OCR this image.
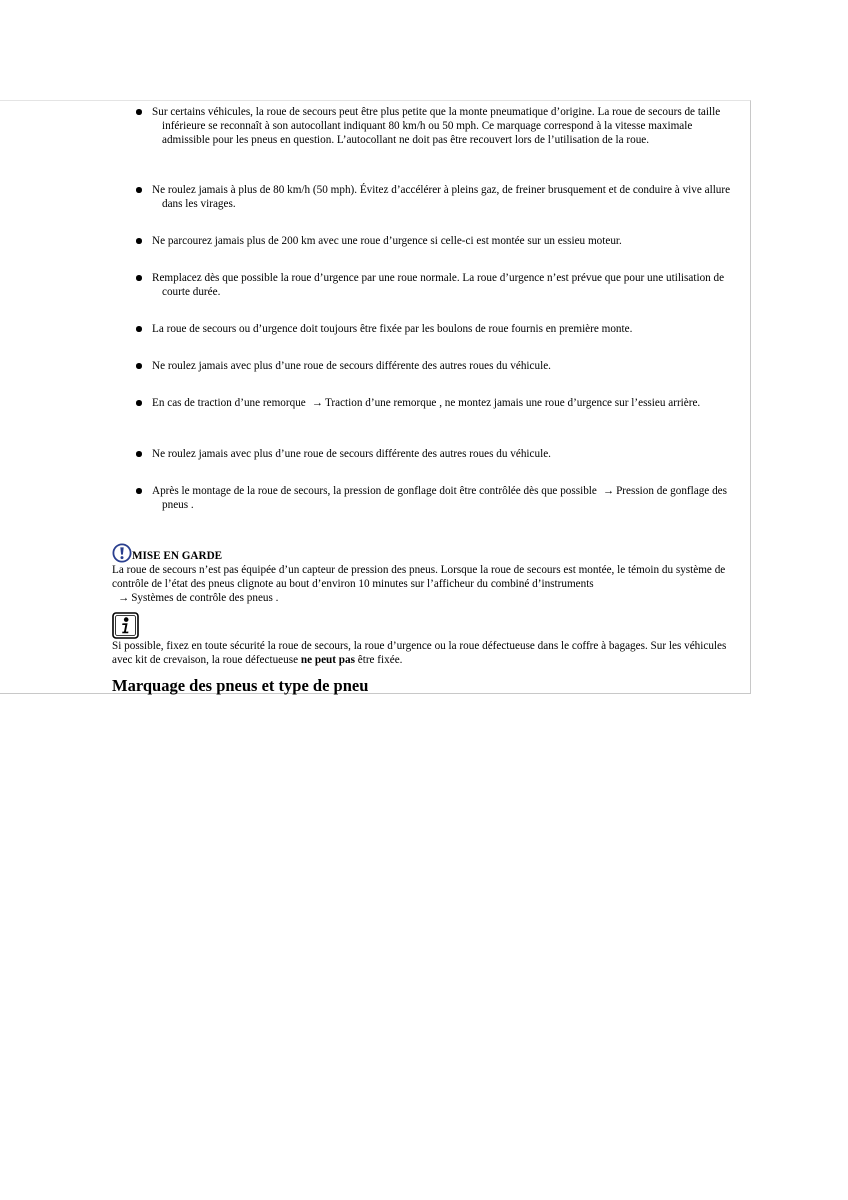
Sur certains véhicules, la roue de secours peut être plus petite que la monte pneumatique d’origine. La roue de secours de taille inférieure se reconnaît à son autocollant indiquant 80 km/h ou 50 mph. Ce marquage correspond à la vitesse maximale admissible pour les pneus en question. L’autocollant ne doit pas être recouvert lors de l’utilisation de la roue.
Ne roulez jamais à plus de 80 km/h (50 mph). Évitez d’accélérer à pleins gaz, de freiner brusquement et de conduire à vive allure dans les virages.
Ne parcourez jamais plus de 200 km avec une roue d’urgence si celle-ci est montée sur un essieu moteur.
Remplacez dès que possible la roue d’urgence par une roue normale. La roue d’urgence n’est prévue que pour une utilisation de courte durée.
La roue de secours ou d’urgence doit toujours être fixée par les boulons de roue fournis en première monte.
Ne roulez jamais avec plus d’une roue de secours différente des autres roues du véhicule.
En cas de traction d’une remorque → Traction d’une remorque , ne montez jamais une roue d’urgence sur l’essieu arrière.
Ne roulez jamais avec plus d’une roue de secours différente des autres roues du véhicule.
Après le montage de la roue de secours, la pression de gonflage doit être contrôlée dès que possible → Pression de gonflage des pneus .
MISE EN GARDE
La roue de secours n’est pas équipée d’un capteur de pression des pneus. Lorsque la roue de secours est montée, le témoin du système de contrôle de l’état des pneus clignote au bout d’environ 10 minutes sur l’afficheur du combiné d’instruments
→ Systèmes de contrôle des pneus .
Si possible, fixez en toute sécurité la roue de secours, la roue d’urgence ou la roue défectueuse dans le coffre à bagages. Sur les véhicules avec kit de crevaison, la roue défectueuse ne peut pas être fixée.
Marquage des pneus et type de pneu
